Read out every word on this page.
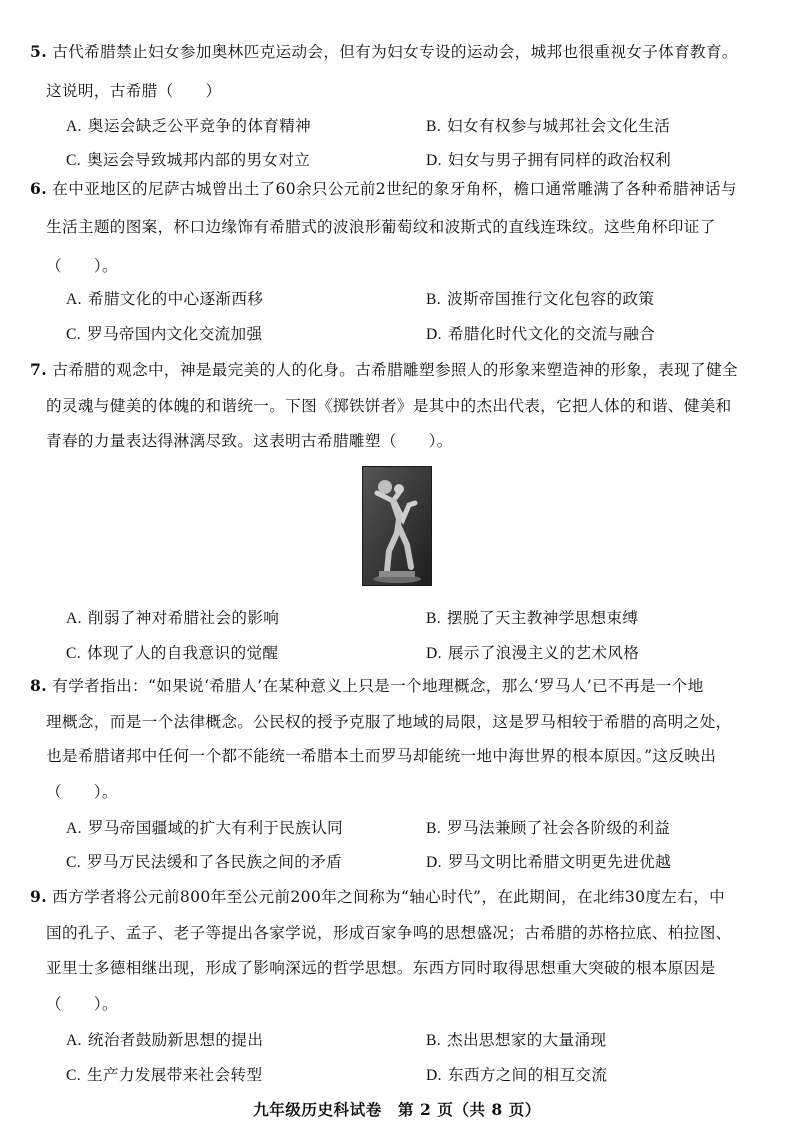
5. 古代希腊禁止妇女参加奥林匹克运动会，但有为妇女专设的运动会，城邦也很重视女子体育教育。
这说明，古希腊（　　）
A. 奥运会缺乏公平竞争的体育精神	B. 妇女有权参与城邦社会文化生活
C. 奥运会导致城邦内部的男女对立	D. 妇女与男子拥有同样的政治权利
6. 在中亚地区的尼萨古城曾出土了60余只公元前2世纪的象牙角杯，檐口通常雕满了各种希腊神话与
生活主题的图案，杯口边缘饰有希腊式的波浪形葡萄纹和波斯式的直线连珠纹。这些角杯印证了
（　　）。
A. 希腊文化的中心逐渐西移	B. 波斯帝国推行文化包容的政策
C. 罗马帝国内文化交流加强	D. 希腊化时代文化的交流与融合
7. 古希腊的观念中，神是最完美的人的化身。古希腊雕塑参照人的形象来塑造神的形象，表现了健全
的灵魂与健美的体魄的和谐统一。下图《掷铁饼者》是其中的杰出代表，它把人体的和谐、健美和
青春的力量表达得淋漓尽致。这表明古希腊雕塑（　　）。
A. 削弱了神对希腊社会的影响	B. 摆脱了天主教神学思想束缚
C. 体现了人的自我意识的觉醒	D. 展示了浪漫主义的艺术风格
8. 有学者指出：“如果说‘希腊人’在某种意义上只是一个地理概念，那么‘罗马人’已不再是一个地
理概念，而是一个法律概念。公民权的授予克服了地域的局限，这是罗马相较于希腊的高明之处，
也是希腊诸邦中任何一个都不能统一希腊本土而罗马却能统一地中海世界的根本原因。”这反映出
（　　）。
A. 罗马帝国疆域的扩大有利于民族认同	B. 罗马法兼顾了社会各阶级的利益
C. 罗马万民法缓和了各民族之间的矛盾	D. 罗马文明比希腊文明更先进优越
9. 西方学者将公元前800年至公元前200年之间称为“轴心时代”，在此期间，在北纬30度左右，中
国的孔子、孟子、老子等提出各家学说，形成百家争鸣的思想盛况；古希腊的苏格拉底、柏拉图、
亚里士多德相继出现，形成了影响深远的哲学思想。东西方同时取得思想重大突破的根本原因是
（　　）。
A. 统治者鼓励新思想的提出	B. 杰出思想家的大量涌现
C. 生产力发展带来社会转型	D. 东西方之间的相互交流
九年级历史科试卷　第 2 页（共 8 页）
